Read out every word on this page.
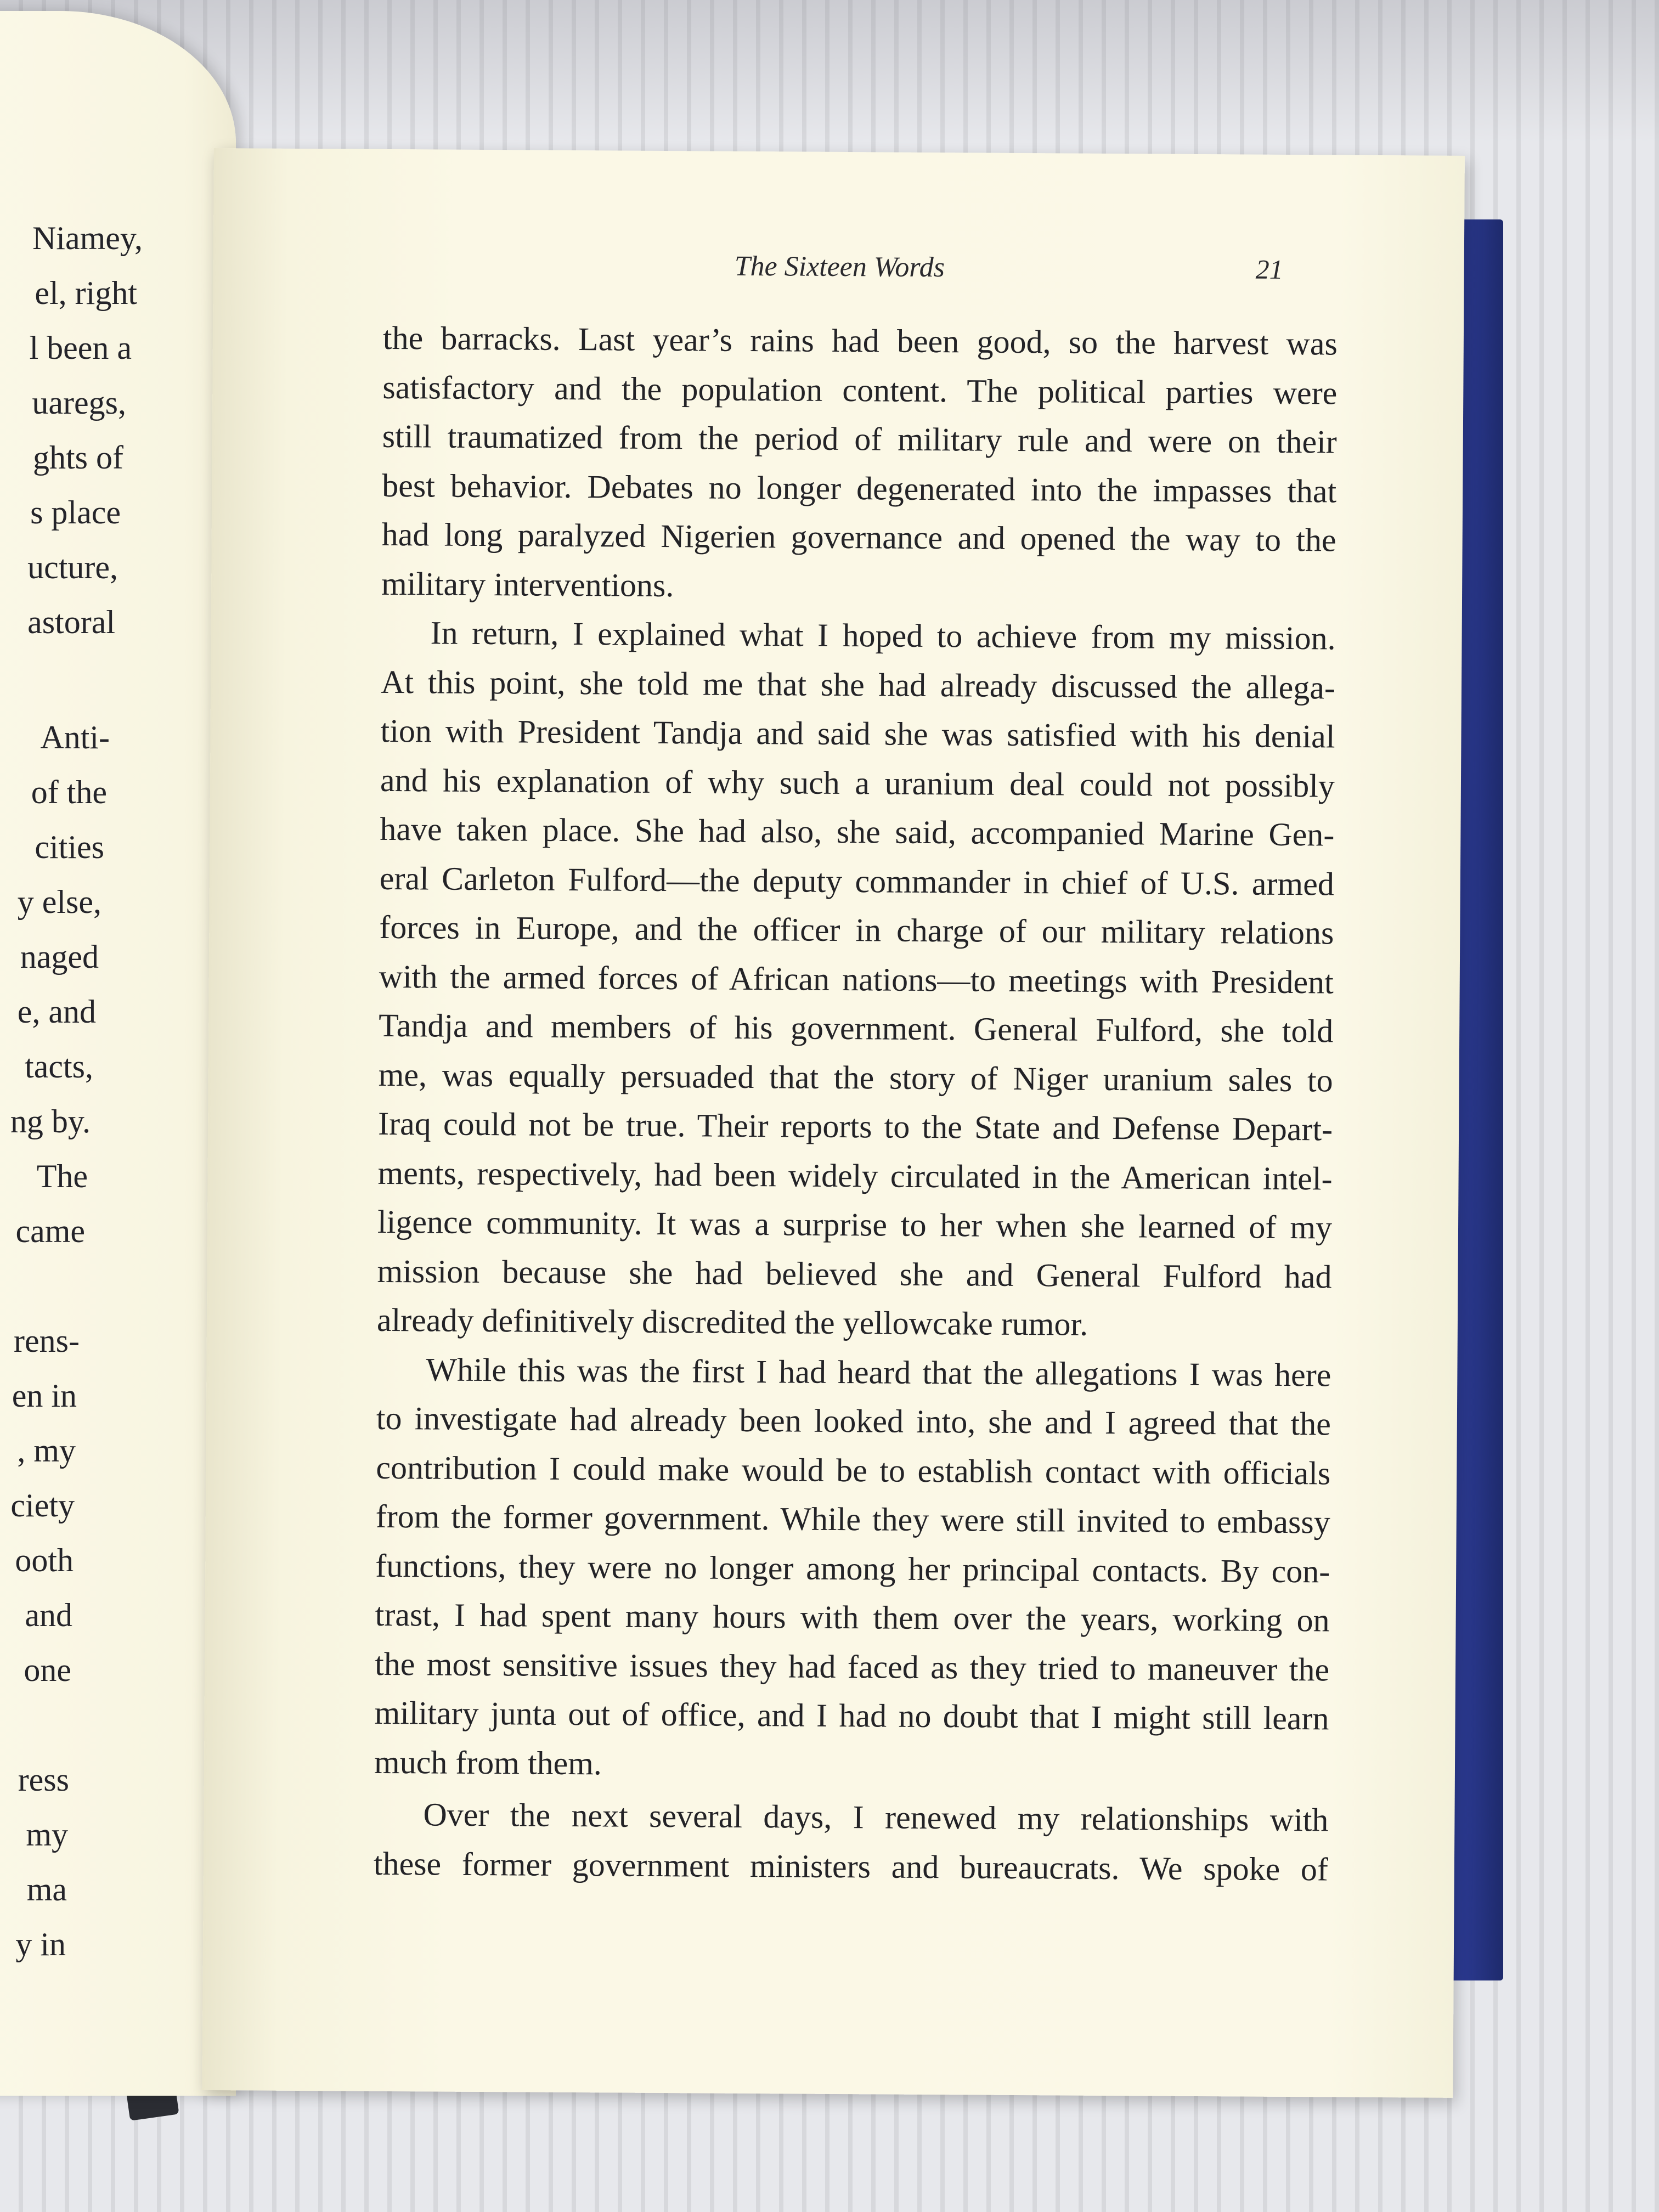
Niamey,
el, right
l been a
uaregs,
ghts of
s place
ucture,
astoral
Anti-
of the
cities
y else,
naged
e, and
tacts,
ng by.
The
came
rens-
en in
, my
ciety
ooth
and
one
ress
my
ma
y in
The Sixteen Words	21
the barracks. Last year’s rains had been good, so the harvest was
satisfactory and the population content. The political parties were
still traumatized from the period of military rule and were on their
best behavior. Debates no longer degenerated into the impasses that
had long paralyzed Nigerien governance and opened the way to the
military interventions.
In return, I explained what I hoped to achieve from my mission.
At this point, she told me that she had already discussed the allega-
tion with President Tandja and said she was satisfied with his denial
and his explanation of why such a uranium deal could not possibly
have taken place. She had also, she said, accompanied Marine Gen-
eral Carleton Fulford—the deputy commander in chief of U.S. armed
forces in Europe, and the officer in charge of our military relations
with the armed forces of African nations—to meetings with President
Tandja and members of his government. General Fulford, she told
me, was equally persuaded that the story of Niger uranium sales to
Iraq could not be true. Their reports to the State and Defense Depart-
ments, respectively, had been widely circulated in the American intel-
ligence community. It was a surprise to her when she learned of my
mission because she had believed she and General Fulford had
already definitively discredited the yellowcake rumor.
While this was the first I had heard that the allegations I was here
to investigate had already been looked into, she and I agreed that the
contribution I could make would be to establish contact with officials
from the former government. While they were still invited to embassy
functions, they were no longer among her principal contacts. By con-
trast, I had spent many hours with them over the years, working on
the most sensitive issues they had faced as they tried to maneuver the
military junta out of office, and I had no doubt that I might still learn
much from them.
Over the next several days, I renewed my relationships with
these former government ministers and bureaucrats. We spoke of
